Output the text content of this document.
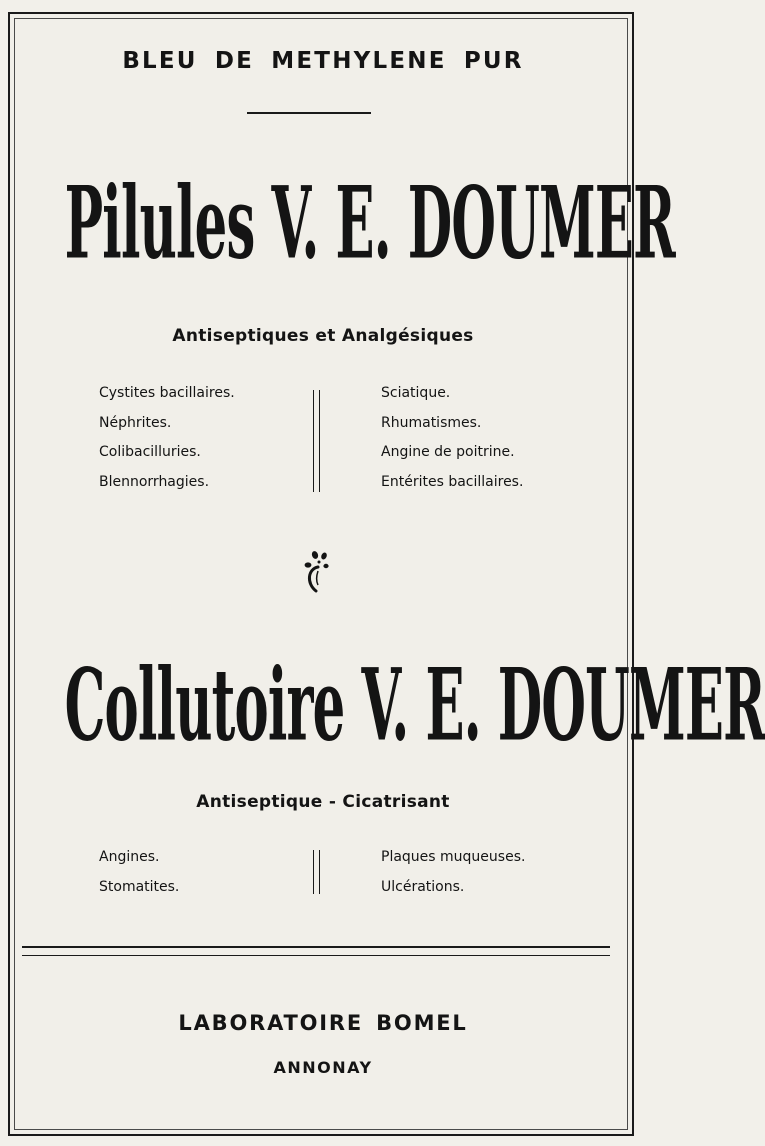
BLEU DE METHYLENE PUR
Pilules V. E. DOUMER
Antiseptiques et Analgésiques
Cystites bacillaires.
Néphrites.
Colibacilluries.
Blennorrhagies.
Sciatique.
Rhumatismes.
Angine de poitrine.
Entérites bacillaires.
Collutoire V. E. DOUMER
Antiseptique - Cicatrisant
Angines.
Stomatites.
Plaques muqueuses.
Ulcérations.
LABORATOIRE BOMEL
ANNONAY
